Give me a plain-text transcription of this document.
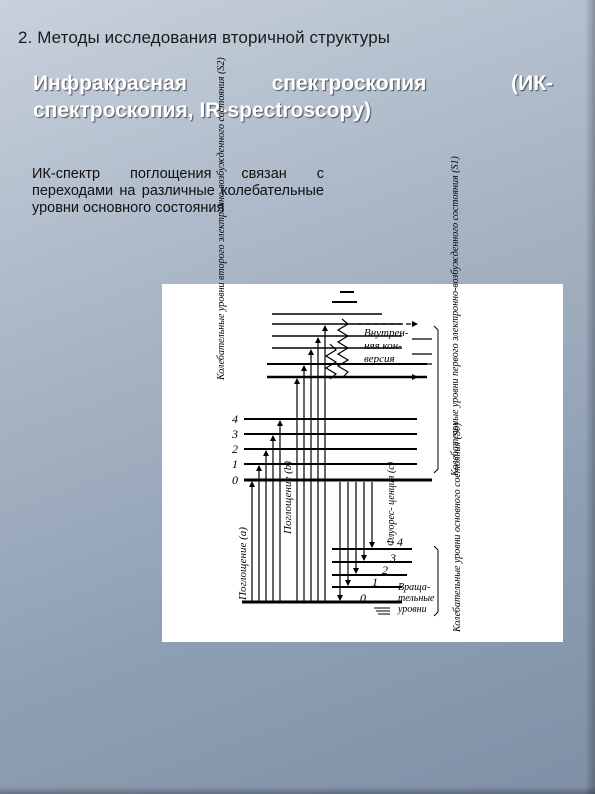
2. Методы исследования вторичной структуры
Инфракрасная спектроскопия (ИК-спектроскопия, IR-spectroscopy)
ИК-спектр поглощения связан с переходами на различные колебательные уровни основного состояния
Внутрен- няя кон- версия
4
3
2
1
0
4
3
2
1
0
Враща- тельные уровни
Колебательные уровни второго электронно-возбужденного состояния (S2)
Поглощение (а)
Поглощение (b)	Флуорес- ценция (с)
Колебательные уровни первого электронно-возбужденного состояния (S1)
Колебательные уровни основного состояния (S0)
